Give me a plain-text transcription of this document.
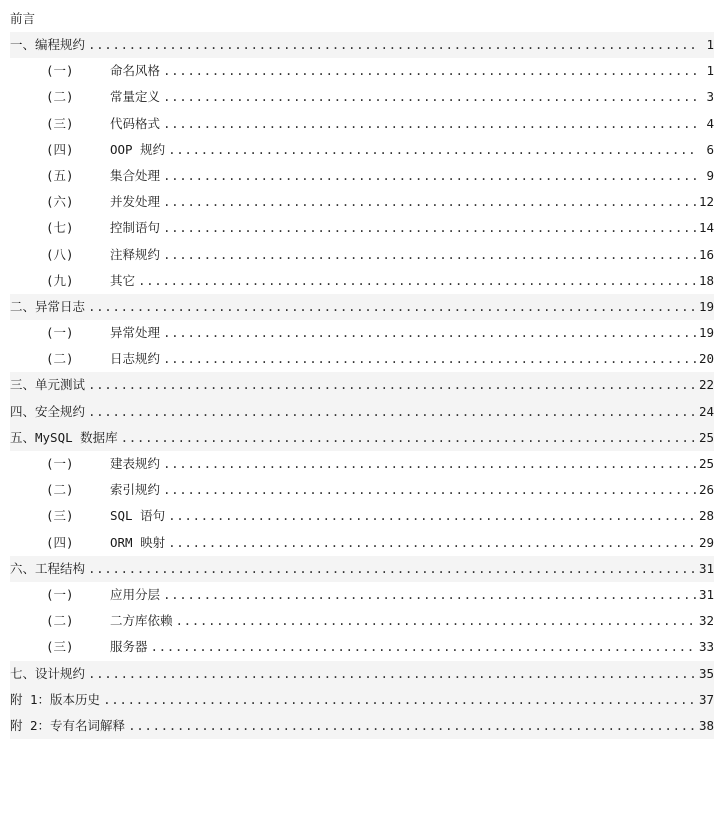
前言
一、编程规约 .....	1
(一)	命名风格 .....	1
(二)	常量定义 .....	3
(三)	代码格式 .....	4
(四)	OOP 规约 .....	6
(五)	集合处理 .....	9
(六)	并发处理 .....	12
(七)	控制语句 .....	14
(八)	注释规约 .....	16
(九)	其它 .....	18
二、异常日志 .....	19
(一)	异常处理 .....	19
(二)	日志规约 .....	20
三、单元测试 .....	22
四、安全规约 .....	24
五、MySQL 数据库 .....	25
(一)	建表规约 .....	25
(二)	索引规约 .....	26
(三)	SQL 语句 .....	28
(四)	ORM 映射 .....	29
六、工程结构 .....	31
(一)	应用分层 .....	31
(二)	二方库依赖 .....	32
(三)	服务器 .....	33
七、设计规约 .....	35
附 1：版本历史 .....	37
附 2：专有名词解释 .....	38
